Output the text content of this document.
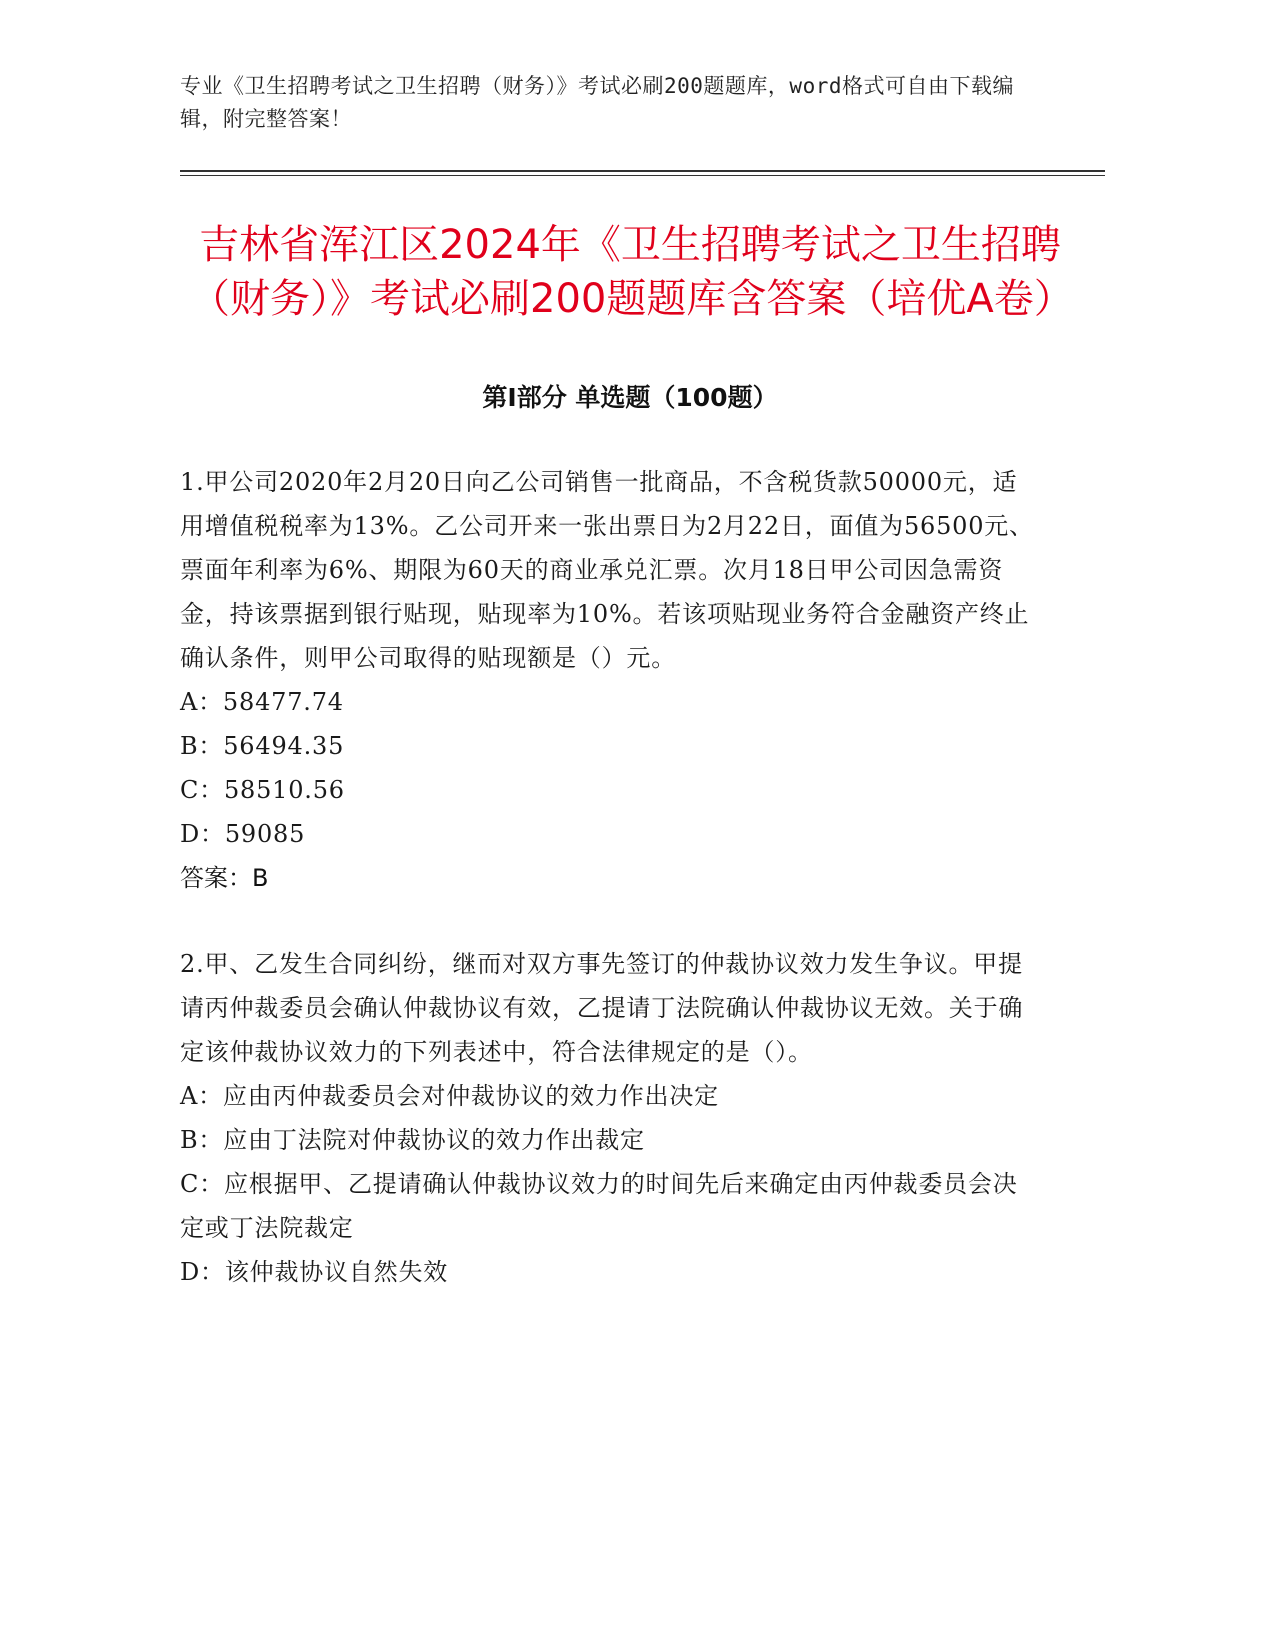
专业《卫生招聘考试之卫生招聘（财务）》考试必刷200题题库，word格式可自由下载编辑，附完整答案！
吉林省浑江区2024年《卫生招聘考试之卫生招聘（财务）》考试必刷200题题库含答案（培优A卷）
第Ⅰ部分 单选题（100题）
1.甲公司2020年2月20日向乙公司销售一批商品，不含税货款50000元，适用增值税税率为13%。乙公司开来一张出票日为2月22日，面值为56500元、票面年利率为6%、期限为60天的商业承兑汇票。次月18日甲公司因急需资金，持该票据到银行贴现，贴现率为10%。若该项贴现业务符合金融资产终止确认条件，则甲公司取得的贴现额是（）元。
A：58477.74
B：56494.35
C：58510.56
D：59085
答案：B
2.甲、乙发生合同纠纷，继而对双方事先签订的仲裁协议效力发生争议。甲提请丙仲裁委员会确认仲裁协议有效，乙提请丁法院确认仲裁协议无效。关于确定该仲裁协议效力的下列表述中，符合法律规定的是（）。
A：应由丙仲裁委员会对仲裁协议的效力作出决定
B：应由丁法院对仲裁协议的效力作出裁定
C：应根据甲、乙提请确认仲裁协议效力的时间先后来确定由丙仲裁委员会决定或丁法院裁定
D：该仲裁协议自然失效
